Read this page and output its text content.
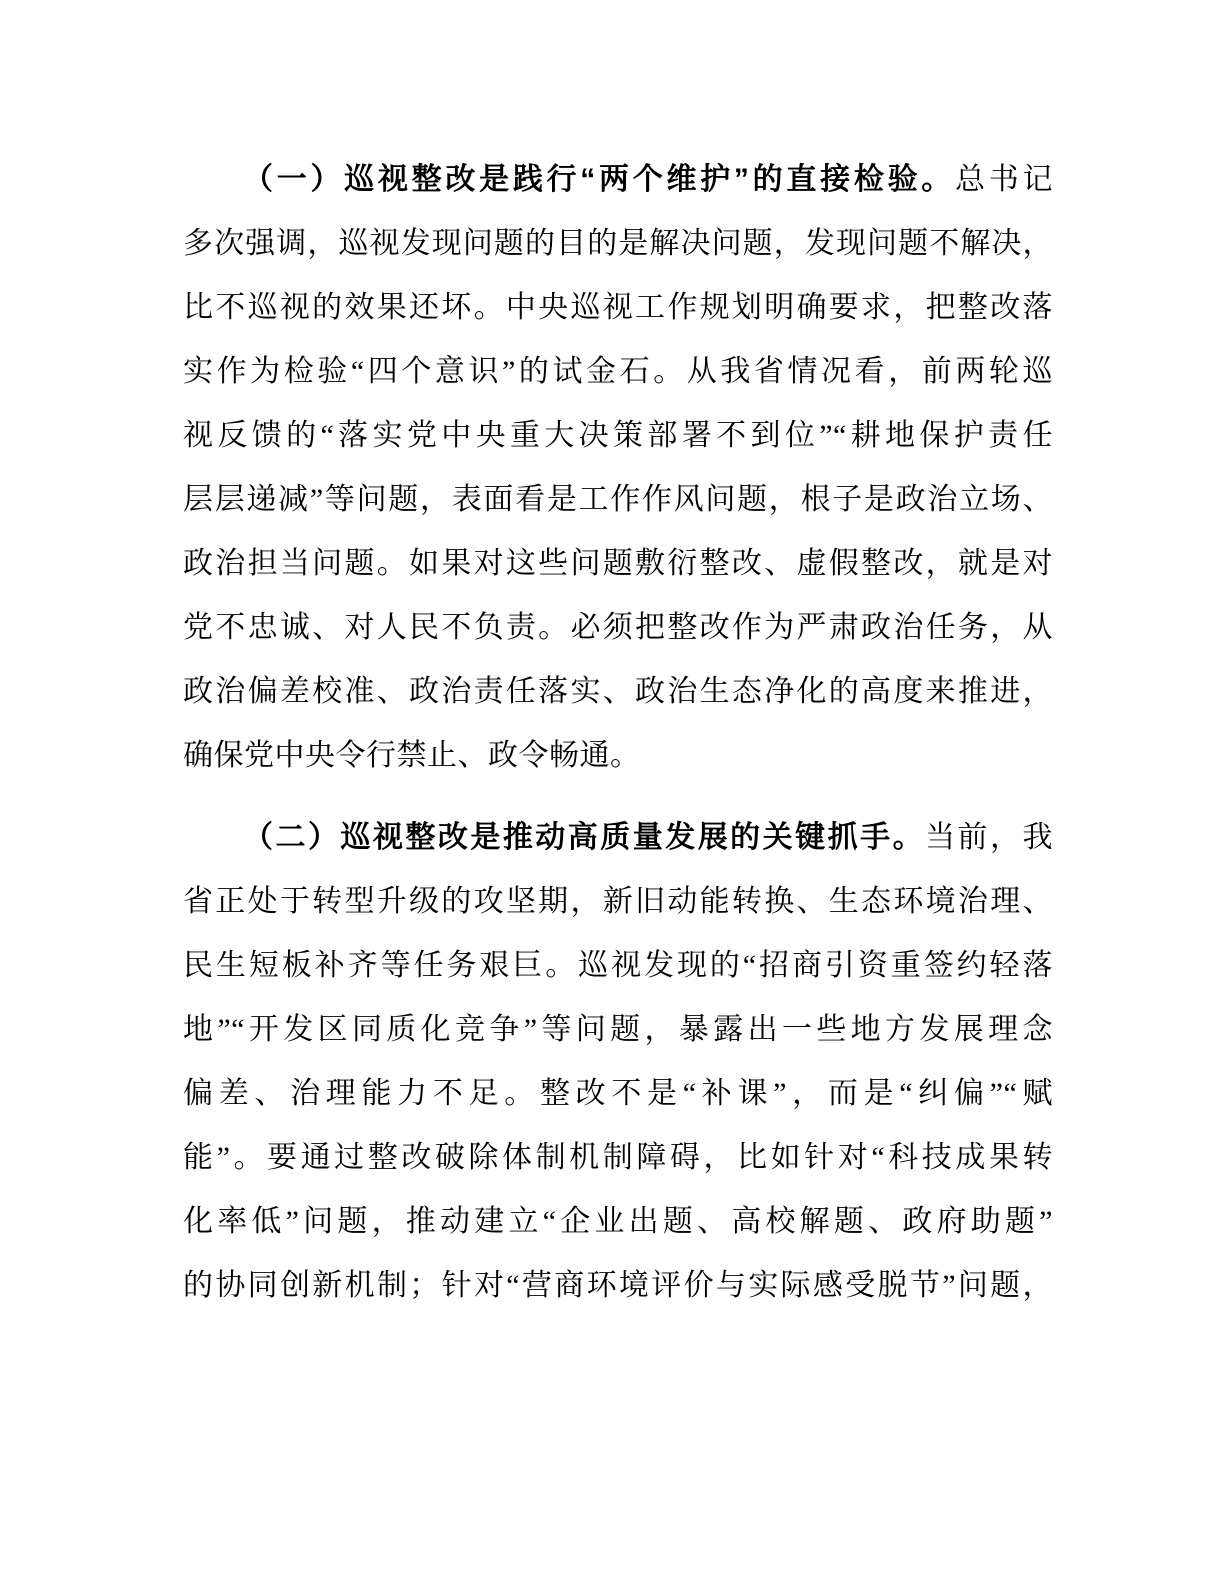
（一）巡视整改是践行“两个维护”的直接检验。总书记
多次强调，巡视发现问题的目的是解决问题，发现问题不解决，
比不巡视的效果还坏。中央巡视工作规划明确要求，把整改落
实作为检验“四个意识”的试金石。从我省情况看，前两轮巡
视反馈的“落实党中央重大决策部署不到位”“耕地保护责任
层层递减”等问题，表面看是工作作风问题，根子是政治立场、
政治担当问题。如果对这些问题敷衍整改、虚假整改，就是对
党不忠诚、对人民不负责。必须把整改作为严肃政治任务，从
政治偏差校准、政治责任落实、政治生态净化的高度来推进，
确保党中央令行禁止、政令畅通。
（二）巡视整改是推动高质量发展的关键抓手。当前，我
省正处于转型升级的攻坚期，新旧动能转换、生态环境治理、
民生短板补齐等任务艰巨。巡视发现的“招商引资重签约轻落
地”“开发区同质化竞争”等问题，暴露出一些地方发展理念
偏差、治理能力不足。整改不是“补课”，而是“纠偏”“赋
能”。要通过整改破除体制机制障碍，比如针对“科技成果转
化率低”问题，推动建立“企业出题、高校解题、政府助题”
的协同创新机制；针对“营商环境评价与实际感受脱节”问题，
